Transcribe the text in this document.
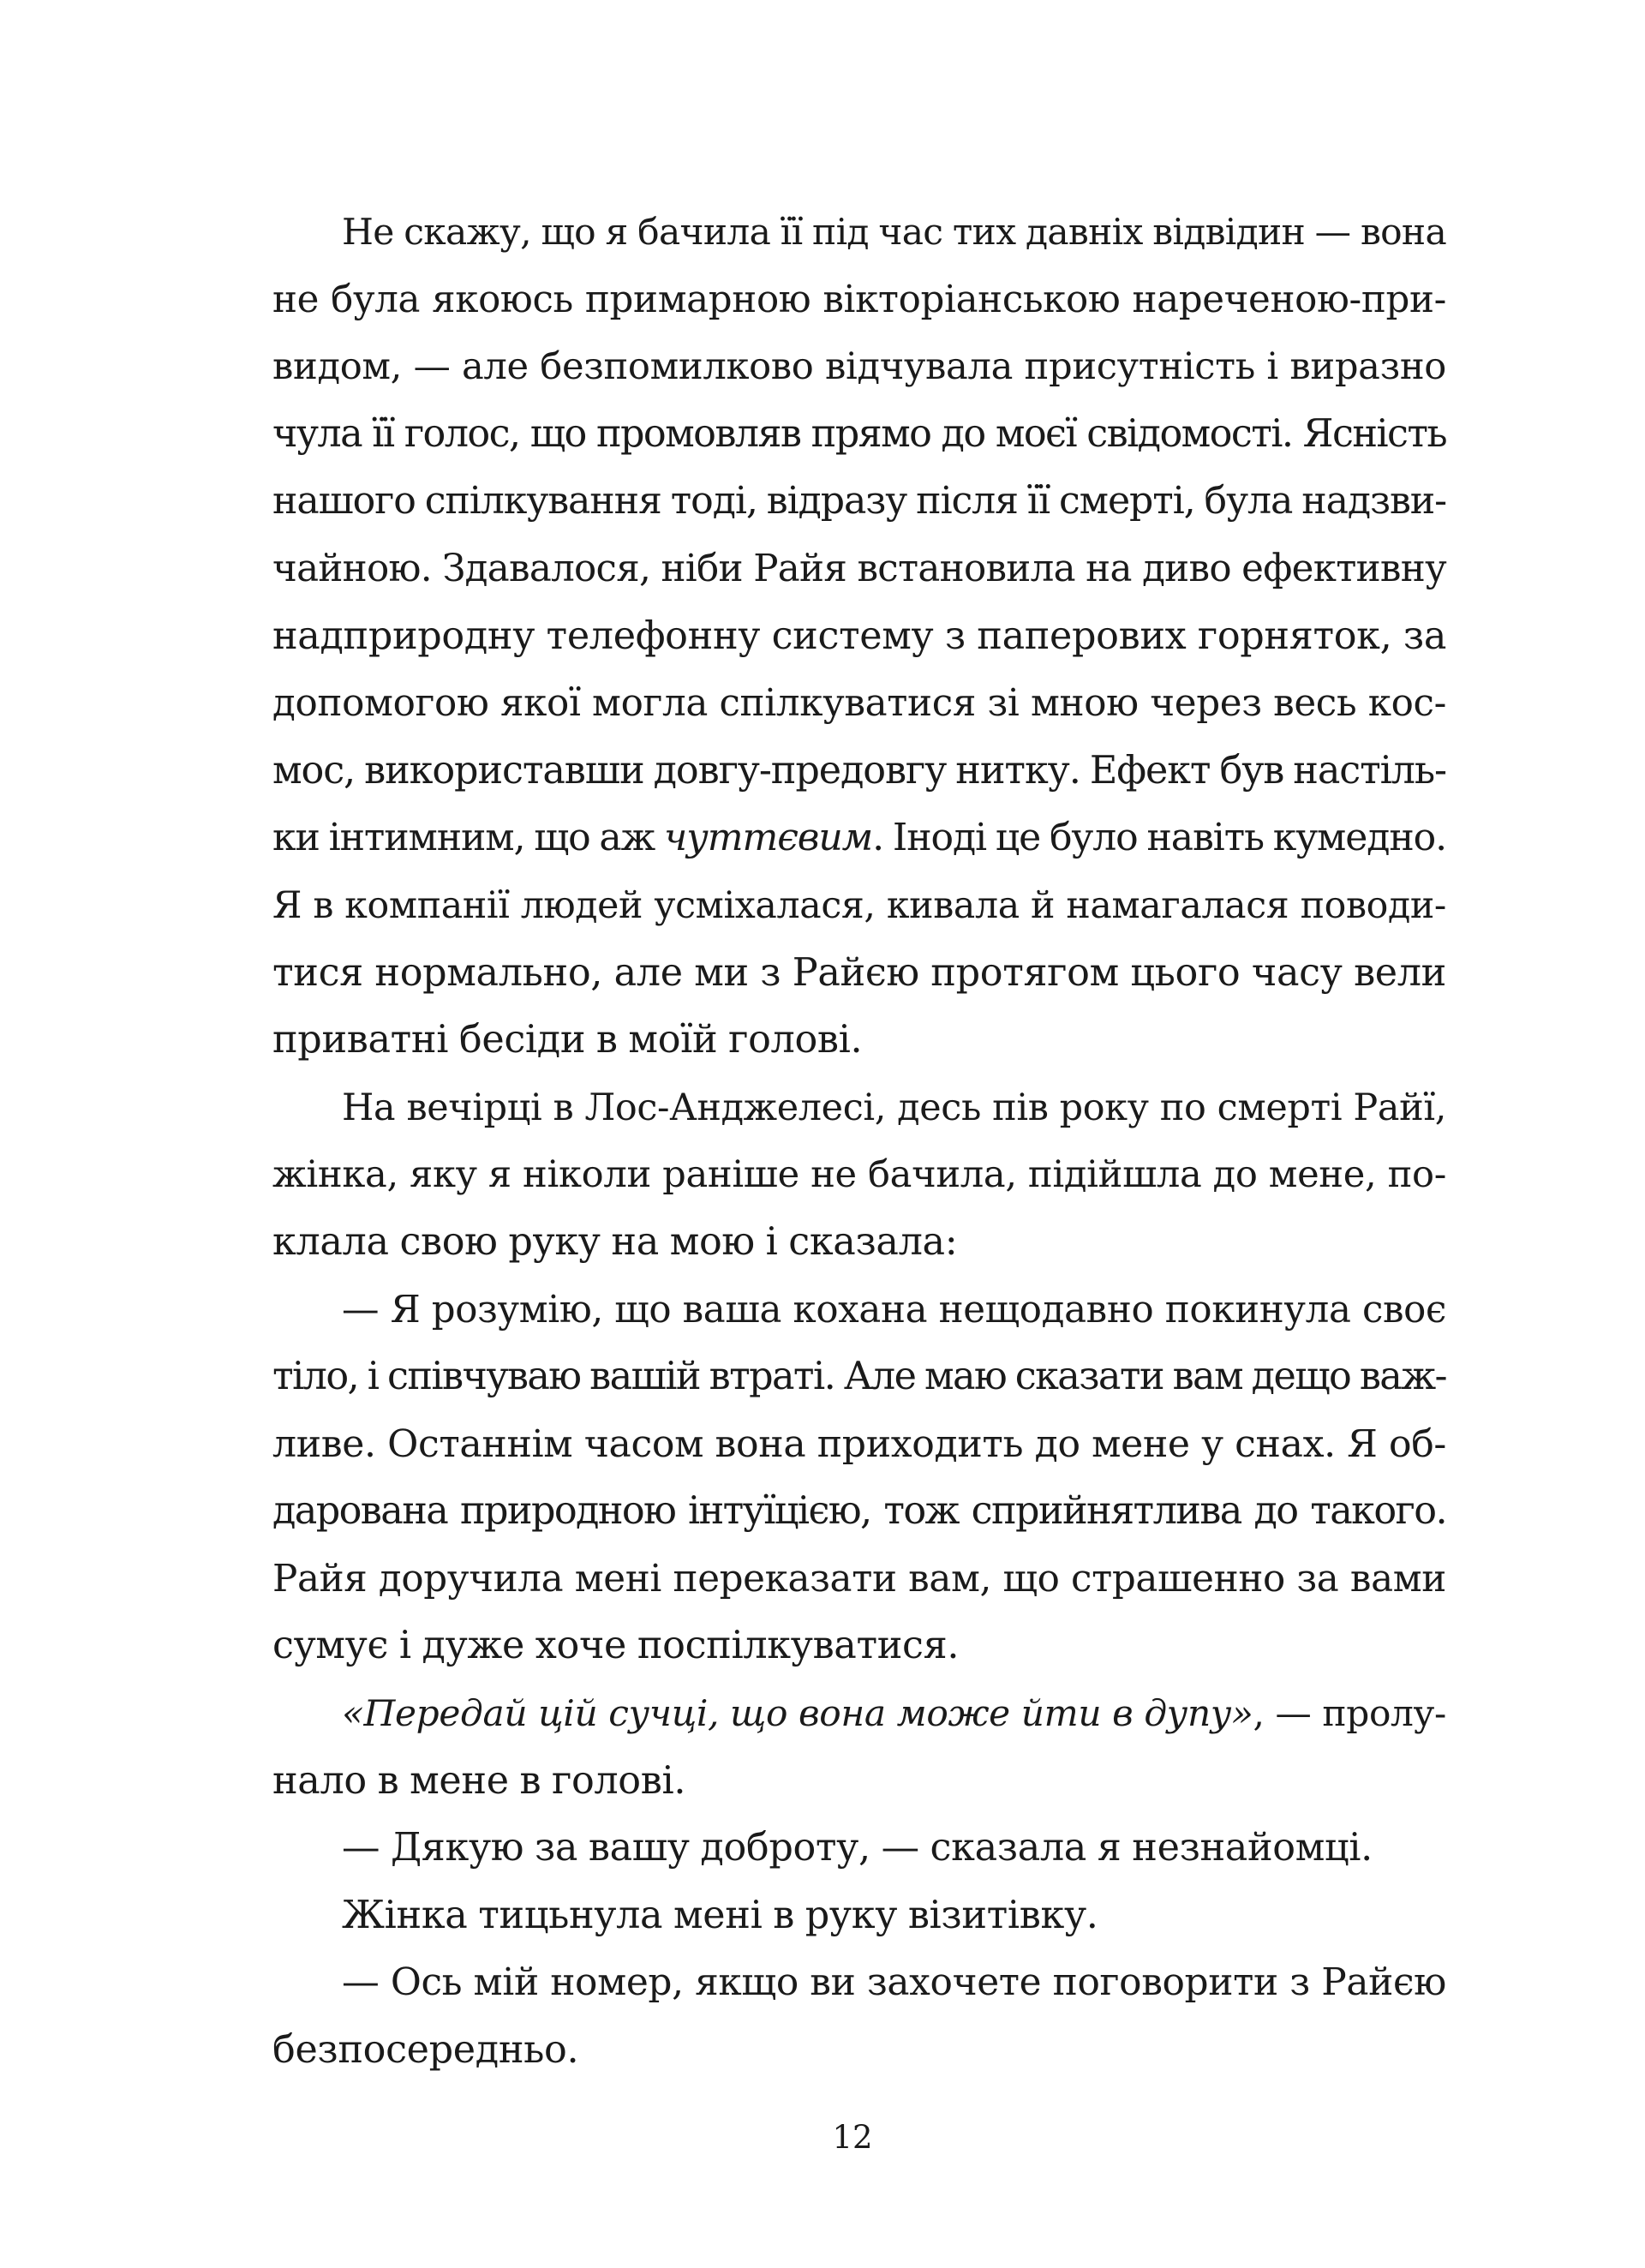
Не скажу, що я бачила її під час тих давніх відвідин — вона
не була якоюсь примарною вікторіанською нареченою-при-
видом, — але безпомилково відчувала присутність і виразно
чула її голос, що промовляв прямо до моєї свідомості. Ясність
нашого спілкування тоді, відразу після її смерті, була надзви-
чайною. Здавалося, ніби Райя встановила на диво ефективну
надприродну телефонну систему з паперових горняток, за
допомогою якої могла спілкуватися зі мною через весь кос-
мос, використавши довгу-предовгу нитку. Ефект був настіль-
ки інтимним, що аж чуттєвим. Іноді це було навіть кумедно.
Я в компанії людей усміхалася, кивала й намагалася поводи-
тися нормально, але ми з Райєю протягом цього часу вели
приватні бесіди в моїй голові.
На вечірці в Лос-Анджелесі, десь пів року по смерті Райї,
жінка, яку я ніколи раніше не бачила, підійшла до мене, по-
клала свою руку на мою і сказала:
— Я розумію, що ваша кохана нещодавно покинула своє
тіло, і співчуваю вашій втраті. Але маю сказати вам дещо важ-
ливе. Останнім часом вона приходить до мене у снах. Я об-
дарована природною інтуїцією, тож сприйнятлива до такого.
Райя доручила мені переказати вам, що страшенно за вами
сумує і дуже хоче поспілкуватися.
«Передай цій сучці, що вона може йти в дупу», — пролу-
нало в мене в голові.
— Дякую за вашу доброту, — сказала я незнайомці.
Жінка тицьнула мені в руку візитівку.
— Ось мій номер, якщо ви захочете поговорити з Райєю
безпосередньо.
12
